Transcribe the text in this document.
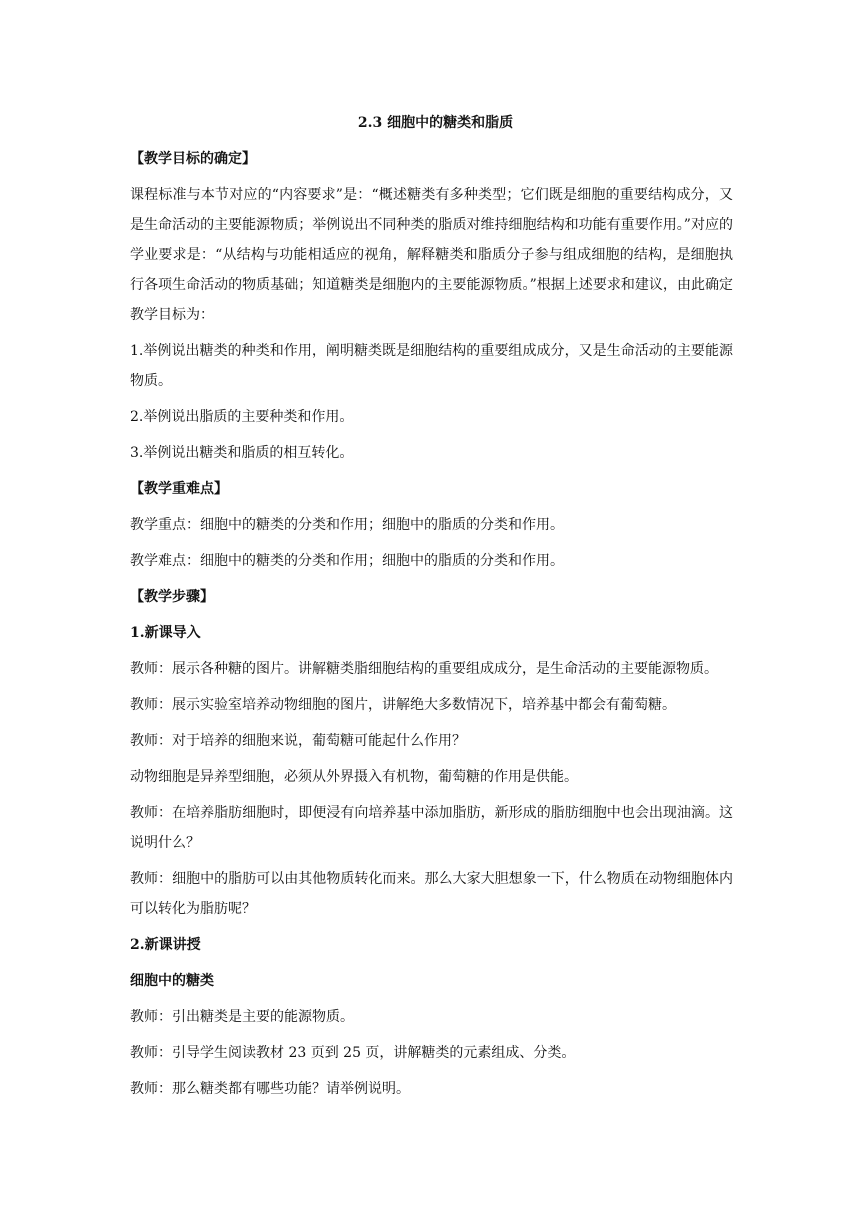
2.3 细胞中的糖类和脂质

【教学目标的确定】

课程标准与本节对应的“内容要求”是：“概述糖类有多种类型；它们既是细胞的重要结构成分，又是生命活动的主要能源物质；举例说出不同种类的脂质对维持细胞结构和功能有重要作用。”对应的学业要求是：“从结构与功能相适应的视角，解释糖类和脂质分子参与组成细胞的结构，是细胞执行各项生命活动的物质基础；知道糖类是细胞内的主要能源物质。”根据上述要求和建议，由此确定教学目标为：

1.举例说出糖类的种类和作用，阐明糖类既是细胞结构的重要组成成分，又是生命活动的主要能源物质。

2.举例说出脂质的主要种类和作用。

3.举例说出糖类和脂质的相互转化。

【教学重难点】

教学重点：细胞中的糖类的分类和作用；细胞中的脂质的分类和作用。

教学难点：细胞中的糖类的分类和作用；细胞中的脂质的分类和作用。

【教学步骤】

1.新课导入

教师：展示各种糖的图片。讲解糖类脂细胞结构的重要组成成分，是生命活动的主要能源物质。

教师：展示实验室培养动物细胞的图片，讲解绝大多数情况下，培养基中都会有葡萄糖。

教师：对于培养的细胞来说，葡萄糖可能起什么作用？

动物细胞是异养型细胞，必须从外界摄入有机物，葡萄糖的作用是供能。

教师：在培养脂肪细胞时，即便浸有向培养基中添加脂肪，新形成的脂肪细胞中也会出现油滴。这说明什么？

教师：细胞中的脂肪可以由其他物质转化而来。那么大家大胆想象一下，什么物质在动物细胞体内可以转化为脂肪呢？

2.新课讲授

细胞中的糖类

教师：引出糖类是主要的能源物质。

教师：引导学生阅读教材 23 页到 25 页，讲解糖类的元素组成、分类。

教师：那么糖类都有哪些功能？请举例说明。
